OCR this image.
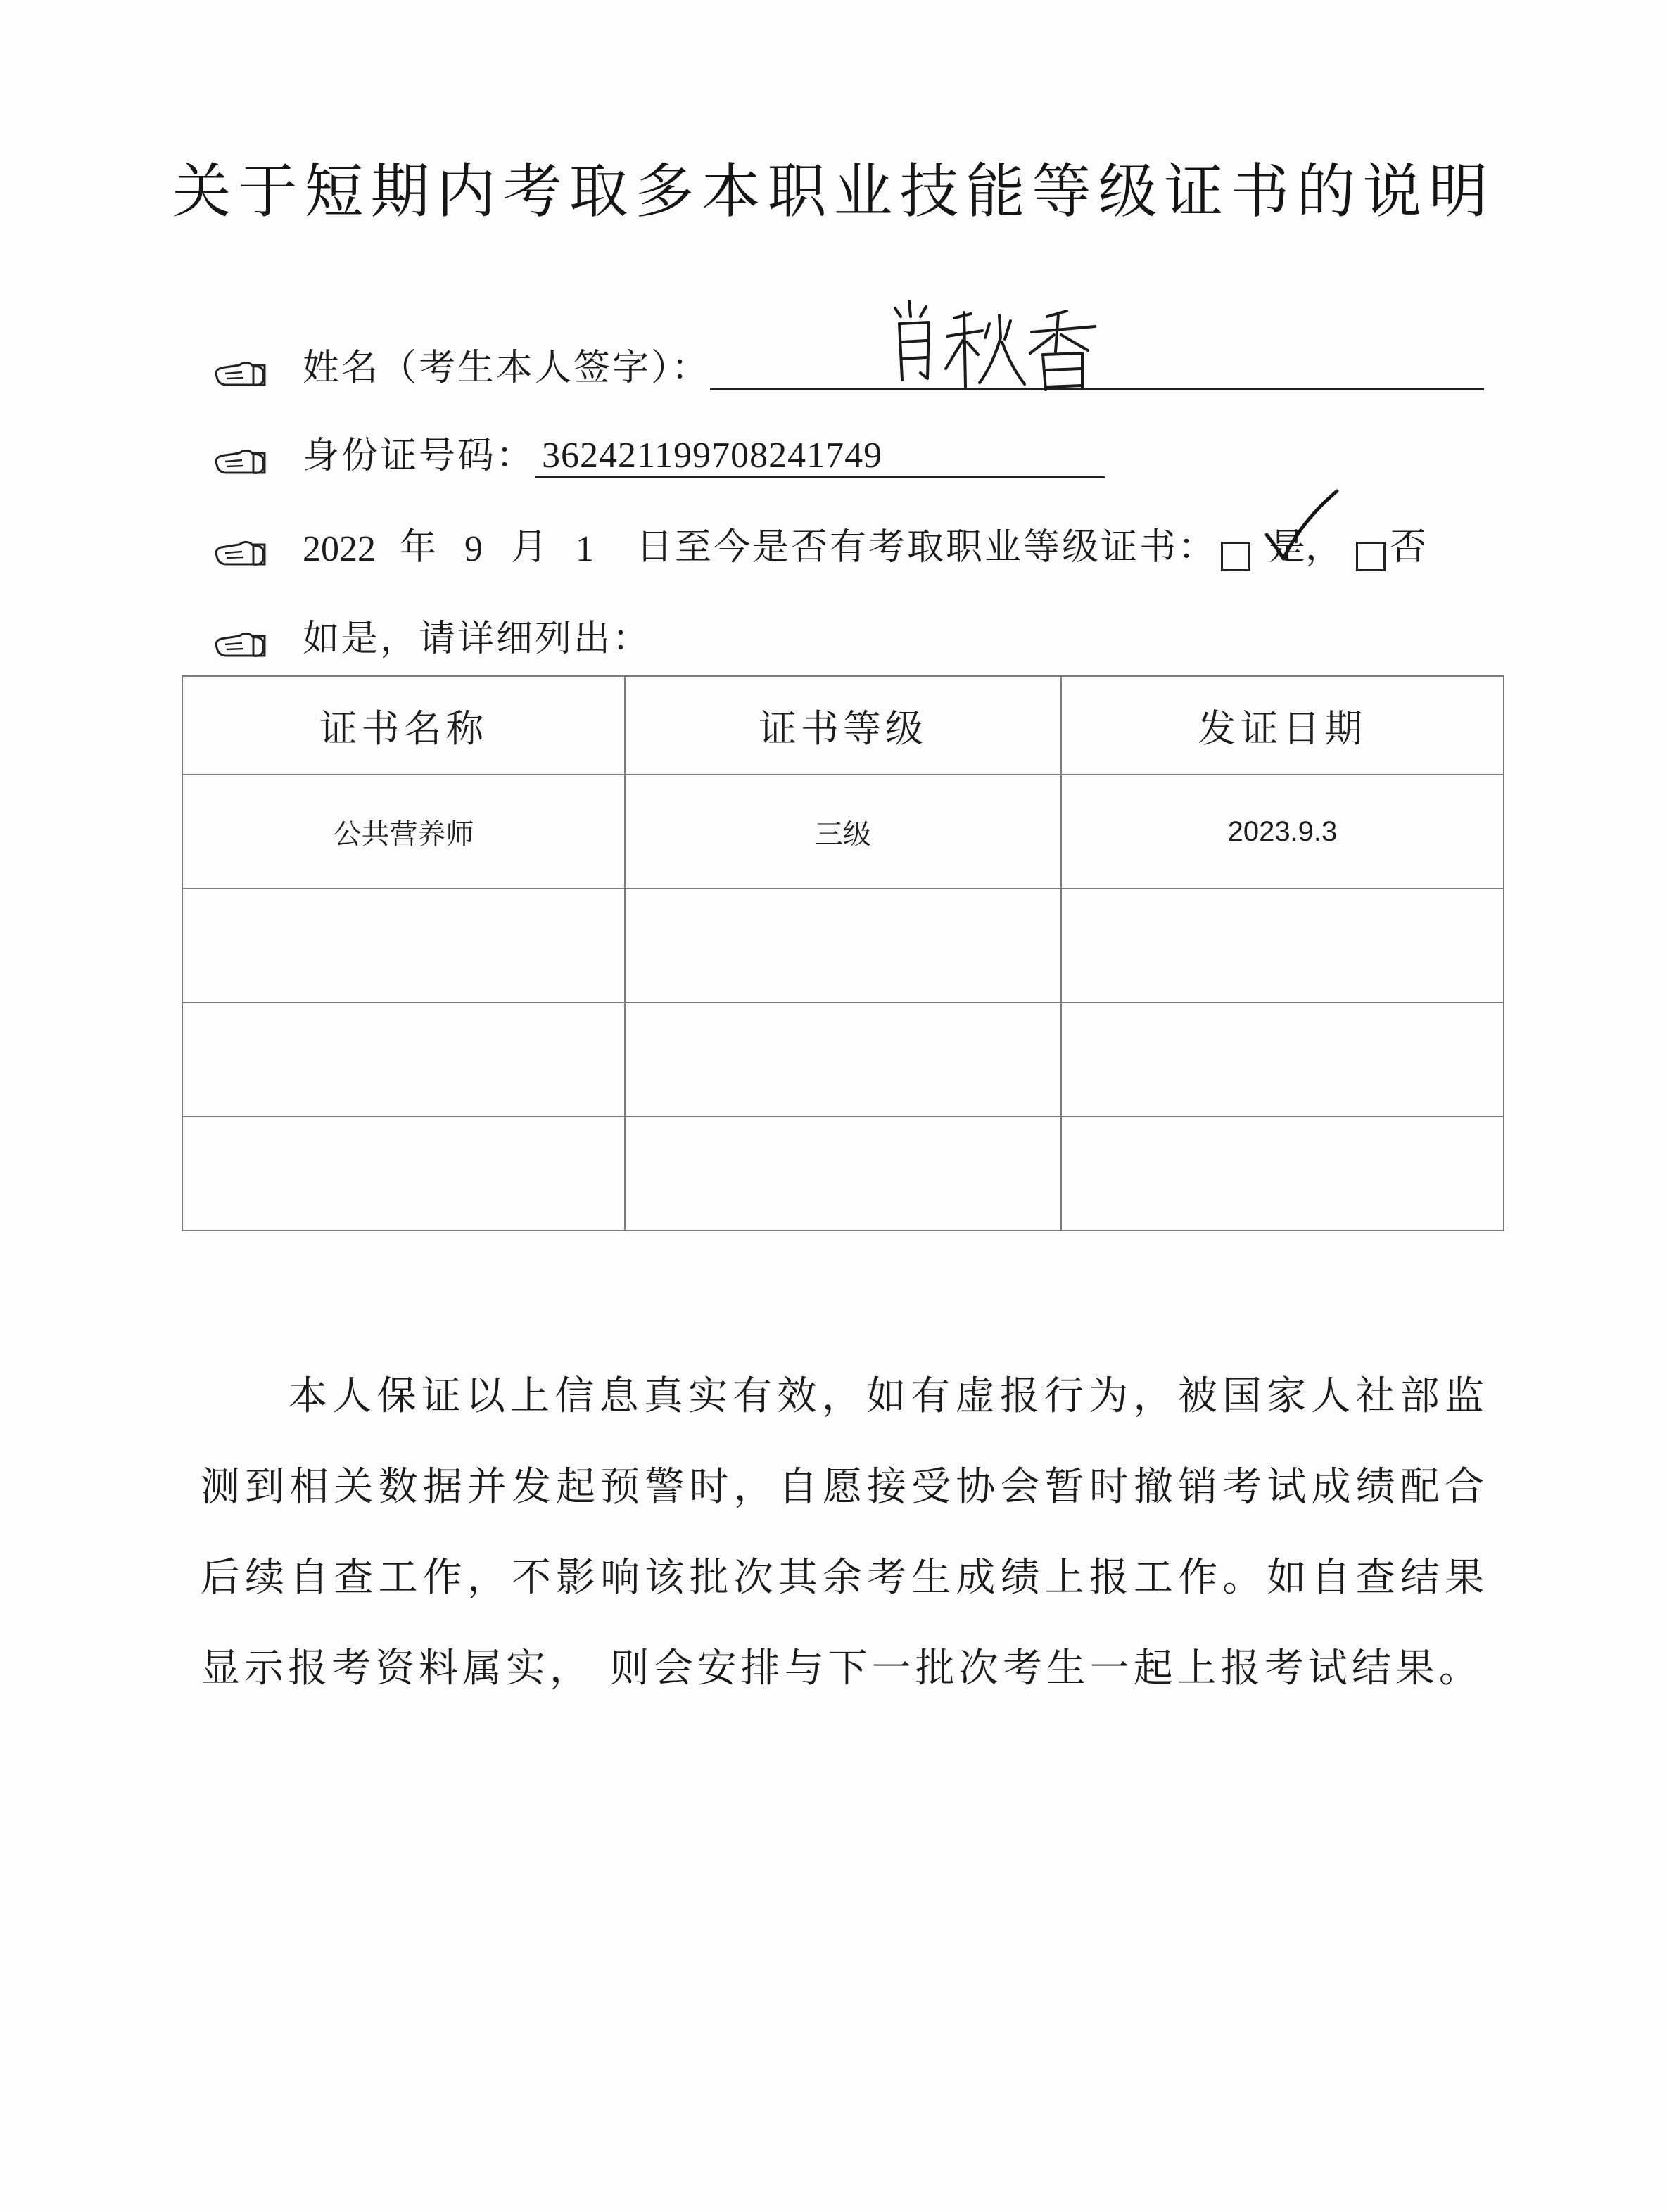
关于短期内考取多本职业技能等级证书的说明
姓名（考生本人签字）：
身份证号码： 362421199708241749
2022 年 9 月 1 日至今是否有考取职业等级证书： 是， 否
如是，请详细列出：
证书名称	证书等级	发证日期
公共营养师	三级	2023.9.3

本人保证以上信息真实有效，如有虚报行为，被国家人社部监测到相关数据并发起预警时，自愿接受协会暂时撤销考试成绩配合后续自查工作，不影响该批次其余考生成绩上报工作。如自查结果显示报考资料属实， 则会安排与下一批次考生一起上报考试结果。
